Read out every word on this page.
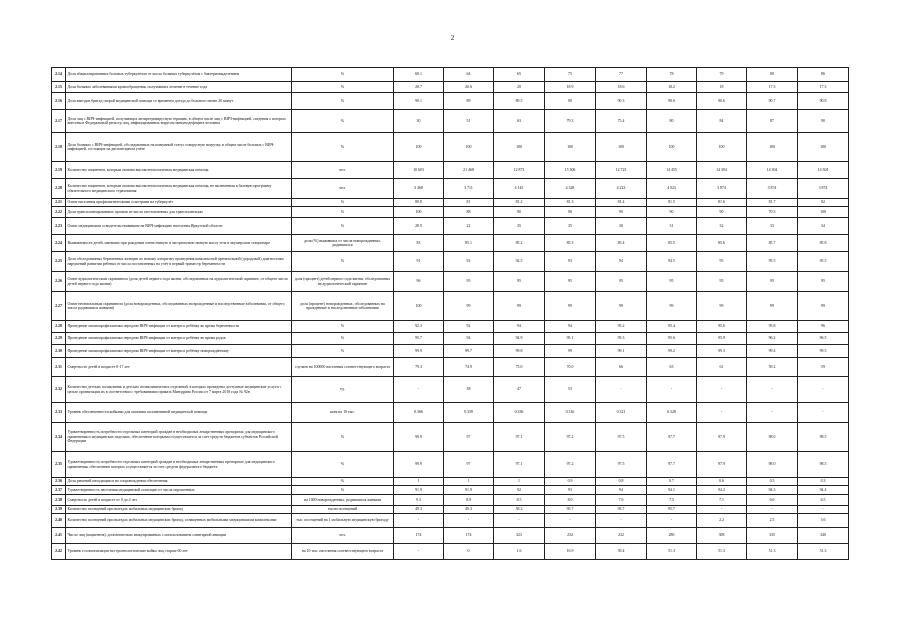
2
2.14	Доля абациллированных больных туберкулёзом от числа больных туберкулёзом с бактериовыделением	%	60.1	64	65	75	77	78	79	80	86
2.15	Доля больных заболеваниями кровообращения, получивших лечение в течение года	%	20.7	20.6	20	18.9	18.6	18.2	18	17.5	17.3
2.16	Доля выездов бригад скорой медицинской помощи со временем доезда до больного менее 20 минут	%	90.1	89	89.5	90	90.3	90.6	90.6	90.7	90.8
2.17	Доля лиц с ВИЧ-инфекцией, получающих антиретровирусную терапию, в общем числе лиц с ВИЧ-инфекцией, сведения о которых внесены в Федеральный регистр лиц, инфицированных вирусом иммунодефицита человека	%	30	51	63	79.3	75.4	80	84	87	90
2.18	Доля больных с ВИЧ-инфекцией, обследованных на иммунный статус и вирусную нагрузку, в общем числе больных с ВИЧ-инфекцией, состоящих на диспансерном учёте	%	100	100	100	100	100	100	100	100	100
2.19	Количество пациентов, которым оказана высокотехнологичная медицинская помощь	чел.	10 603	21 468	12 873	15 306	12 723	14 455	14 304	14 304	14 304
2.20	Количество пациентов, которым оказана высокотехнологичная медицинская помощь, не включенная в базовую программу обязательного медицинского страхования	чел.	3 468	3 711	4 145	4 328	4 223	4 023	3 874	3 874	3 874
2.21	Охват населения профилактическими осмотрами на туберкулёз	%	80.8	81	81.2	81.3	81.4	81.5	81.6	81.7	82
2.22	Доля трансплантированных органов из числа заготовленных для трансплантации	%	100	88	90	90	90	90	90	70.5	100
2.23	Охват медицинским освидетельствованием на ВИЧ-инфекцию населения Иркутской области	%	28.9	22	35	35	30	31	32	33	34
2.24	Выживаемость детей, имевших при рождении очень низкую и экстремально низкую массу тела в акушерском стационаре	доля (%) выживших от числа новорожденных, родившихся	83	85.1	85.2	85.3	85.4	85.5	85.6	85.7	85.8
2.25	Доля обследованных беременных женщин по новому алгоритму проведения комплексной пренатальной (дородовой) диагностики нарушений развития ребенка от числа поставленных на учёт в первый триместр беременности	%	91	92	92.5	93	94	94.5	95	95.5	95.5
2.26	Охват аудиологическим скринингом (доля детей первого года жизни, обследованных на аудиологический скрининг, от общего числа детей первого года жизни)	доля (процент) детей первого года жизни, обследованных на аудиологический скрининг	96	95	95	95	95	95	95	95	95
2.27	Охват неонатальным скринингом (доля новорожденных, обследованных на врожденные и наследственные заболевания, от общего числа родившихся живыми)	доля (процент) новорожденных, обследованных на врожденные и наследственные заболевания	100	99	99	99	99	99	99	99	99
2.28	Проведение химиопрофилактики передачи ВИЧ-инфекции от матери к ребёнку во время беременности	%	92.3	92	94	94	95.2	95.4	95.6	95.8	96
2.29	Проведение химиопрофилактики передачи ВИЧ-инфекции от матери к ребёнку во время родов	%	95.7	94	94.9	95.1	95.3	95.6	95.9	96.2	96.5
2.30	Проведение химиопрофилактики передачи ВИЧ-инфекции от матери к ребёнку новорождённому	%	99.9	99.7	99.8	99	99.1	99.2	99.3	99.4	99.5
2.31	Смертность детей в возрасте 0-17 лет	случаев на 100000 населения соответствующего возраста	79.3	74.9	75.0	70.0	66	63	61	59.2	59
2.32	Количество детских поликлиник и детских поликлинических отделений, в которых проведены доступные медицинские услуги с целью организации их в соответствии с требованиями приказа Минздрава России от 7 марта 2018 года № 92н	ед.	-	38	47	53	-	-	-	-	-
2.33	Уровень обеспеченности койками для оказания паллиативной медицинской помощи	коек на 10 тыс.	0.366	0.339	0.336	0.316	0.321	0.328	-	-	-
2.34	Удовлетворенность потребности отдельных категорий граждан в необходимых лекарственных препаратах для медицинского применения и медицинских изделиях, обеспечение которыми осуществляется за счет средств бюджетов субъектов Российской Федерации	%	99.9	97	97.1	97.2	97.5	97.7	97.9	98.0	98.5
2.35	Удовлетворенность потребности отдельных категорий граждан в необходимых лекарственных препаратах для медицинского применения, обеспечение которых осуществляется за счет средств федерального бюджета	%	99.9	97	97.1	97.2	97.5	97.7	97.9	98.0	98.5
2.36	Доля решений находящихся на сопровождении обеспечения	%	1	1	1	0.9	0.8	0.7	0.6	0.5	0.3
2.37	Удовлетворенность населения медицинской помощью от числа опрошенных	%	91.9	91.9	92	93	94	94.1	94.2	94.3	94.4
2.38	Смертность детей в возрасте от 0 до 4 лет	на 1000 новорожденных, родившихся живыми	9.3	8.9	8.5	8.0	7.6	7.5	7.1	6.6	6.5
2.39	Количество посещений при выездах мобильных медицинских бригад	тысяч посещений	49.3	49.3	58.2	95.7	95.7	95.7	-	-	-
2.40	Количество посещений при выездах мобильных медицинских бригад, оснащенных мобильными медицинскими комплексами	тыс. посещений на 1 мобильную медицинскую бригаду	-	-	-	-	-	-	2.2	2.5	3.6
2.41	Число лиц (пациентов), дополнительно эвакуированных с использованием санитарной авиации	чел.	174	174	323	232	232	280	308	335	340
2.42	Уровень госпитализации на геронтологические койки лиц старше 60 лет	на 10 тыс. населения соответствующего возраста	-	0	1.6	16.9	39.4	51.3	51.3	51.3	51.3
